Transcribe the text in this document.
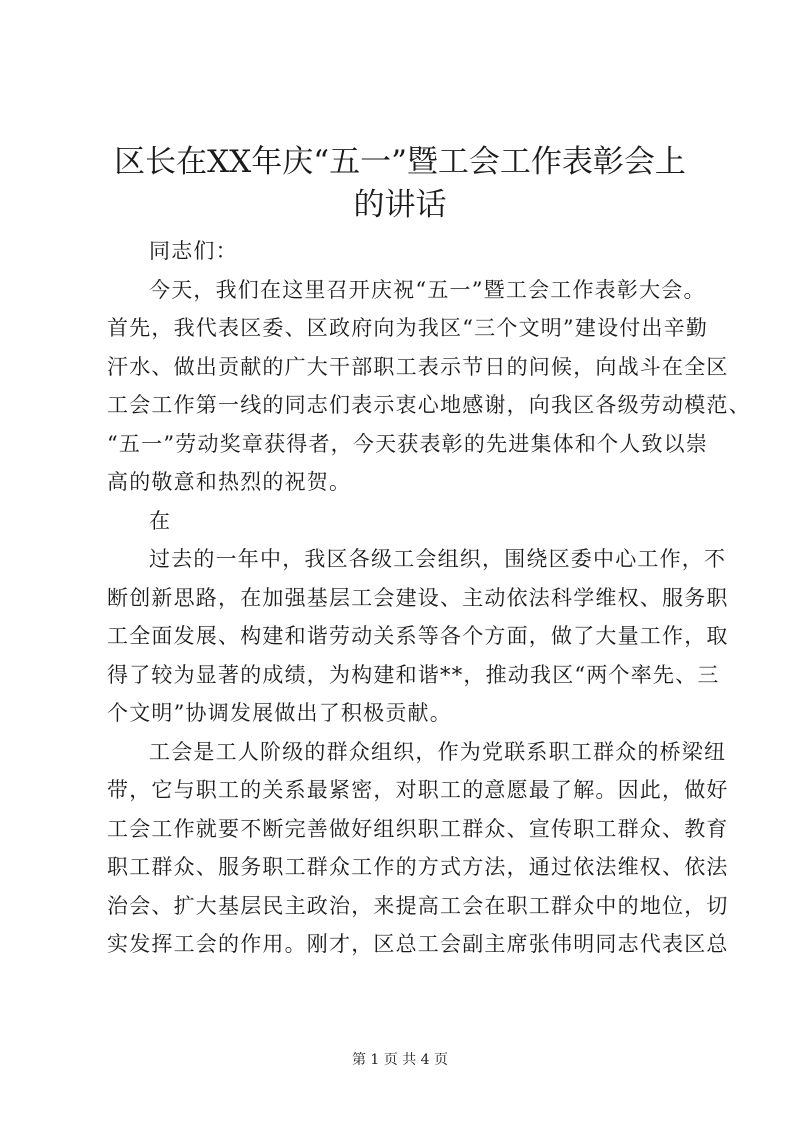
区长在XX年庆“五一”暨工会工作表彰会上
的讲话
同志们：
今天，我们在这里召开庆祝“五一”暨工会工作表彰大会。
首先，我代表区委、区政府向为我区“三个文明”建设付出辛勤
汗水、做出贡献的广大干部职工表示节日的问候，向战斗在全区
工会工作第一线的同志们表示衷心地感谢，向我区各级劳动模范、
“五一”劳动奖章获得者，今天获表彰的先进集体和个人致以崇
高的敬意和热烈的祝贺。
在
过去的一年中，我区各级工会组织，围绕区委中心工作，不
断创新思路，在加强基层工会建设、主动依法科学维权、服务职
工全面发展、构建和谐劳动关系等各个方面，做了大量工作，取
得了较为显著的成绩，为构建和谐**，推动我区“两个率先、三
个文明”协调发展做出了积极贡献。
工会是工人阶级的群众组织，作为党联系职工群众的桥梁纽
带，它与职工的关系最紧密，对职工的意愿最了解。因此，做好
工会工作就要不断完善做好组织职工群众、宣传职工群众、教育
职工群众、服务职工群众工作的方式方法，通过依法维权、依法
治会、扩大基层民主政治，来提高工会在职工群众中的地位，切
实发挥工会的作用。刚才，区总工会副主席张伟明同志代表区总
第 1 页 共 4 页
